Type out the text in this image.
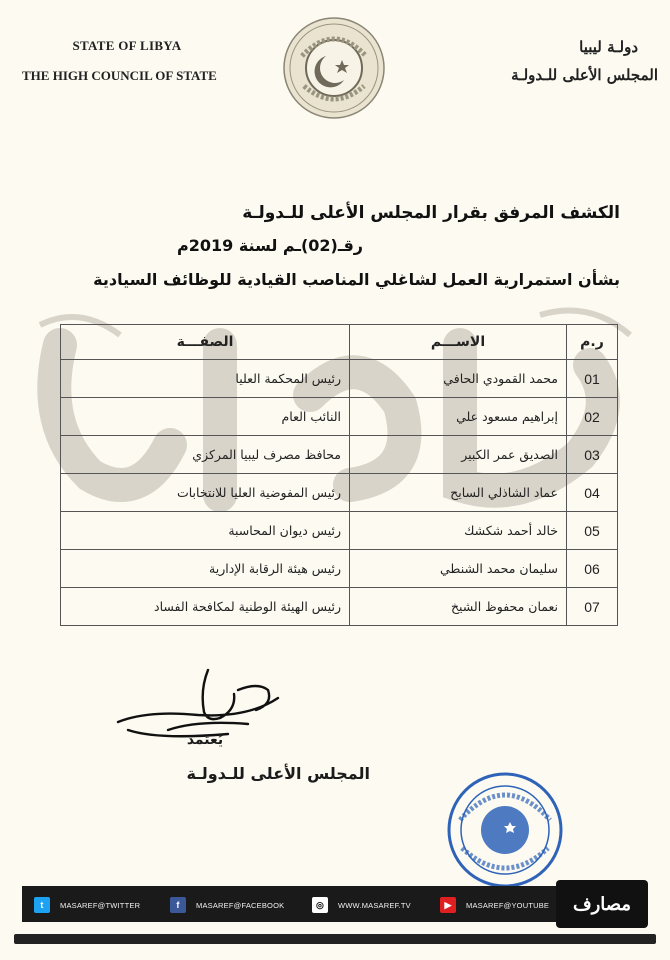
STATE OF LIBYA
THE HIGH COUNCIL OF STATE
دولـة ليبيا
المجلس الأعلى للـدولـة
الكشف المرفق بقرار المجلس الأعلى للـدولـة
رقـ(02)ـم لسنة 2019م
بشأن استمرارية العمل لشاغلي المناصب القيادية للوظائف السيادية
ر.م	الاســـم	الصفـــة
01	محمد القمودي الحافي	رئيس المحكمة العليا
02	إبراهيم مسعود علي	النائب العام
03	الصديق عمر الكبير	محافظ مصرف ليبيا المركزي
04	عماد الشاذلي السايح	رئيس المفوضية العليا للانتخابات
05	خالد أحمد شكشك	رئيس ديوان المحاسبة
06	سليمان محمد الشنطي	رئيس هيئة الرقابة الإدارية
07	نعمان محفوظ الشيخ	رئيس الهيئة الوطنية لمكافحة الفساد
يُعتمد
المجلس الأعلى للـدولـة
t	MASAREF@TWITTER	f	MASAREF@FACEBOOK	◎	WWW.MASAREF.TV	▶	MASAREF@YOUTUBE	مصارف
